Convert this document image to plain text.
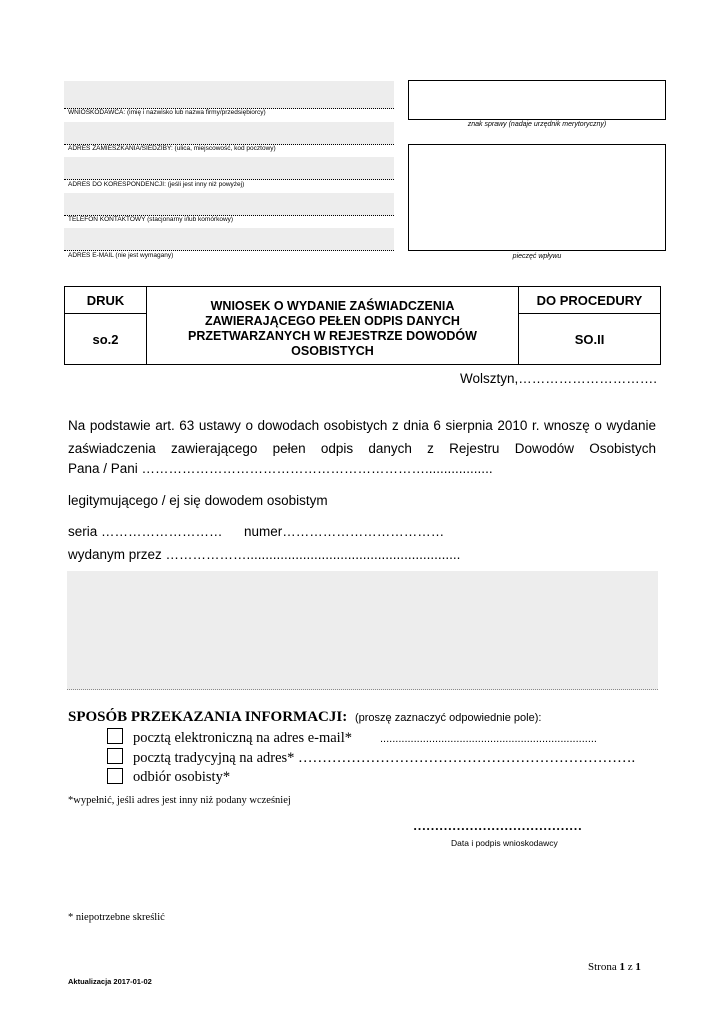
WNIOSKODAWCA: (imię i nazwisko lub nazwa firmy/przedsiębiorcy)
ADRES ZAMIESZKANIA/SIEDZIBY: (ulica, miejscowość, kod pocztowy)
ADRES DO KORESPONDENCJI: (jeśli jest inny niż powyżej)
TELEFON KONTAKTOWY (stacjonarny i/lub komórkowy)
ADRES E-MAIL (nie jest wymagany)
znak sprawy (nadaje urzędnik merytoryczny)
pieczęć wpływu
DRUK
so.2
WNIOSEK O WYDANIE ZAŚWIADCZENIA ZAWIERAJĄCEGO PEŁEN ODPIS DANYCH PRZETWARZANYCH W REJESTRZE DOWODÓW OSOBISTYCH
DO PROCEDURY
SO.II
Wolsztyn,………………………….
Na podstawie art. 63 ustawy o dowodach osobistych z dnia 6 sierpnia 2010 r. wnoszę o wydanie zaświadczenia zawierającego pełen odpis danych z Rejestru Dowodów Osobistych
Pana / Pani ………………………………………………………..................
legitymującego / ej się dowodem osobistym
seria ……………………… numer………………………………
wydanym przez ……………….........................................................
SPOSÓB PRZEKAZANIA INFORMACJI: (proszę zaznaczyć odpowiednie pole):
pocztą elektroniczną na adres e-mail*	.......................................................................
pocztą tradycyjną na adres* …………………………………………………………….
odbiór osobisty*
*wypełnić, jeśli adres jest inny niż podany wcześniej
…………………………………
Data i podpis wnioskodawcy
* niepotrzebne skreślić
Strona 1 z 1
Aktualizacja 2017-01-02
